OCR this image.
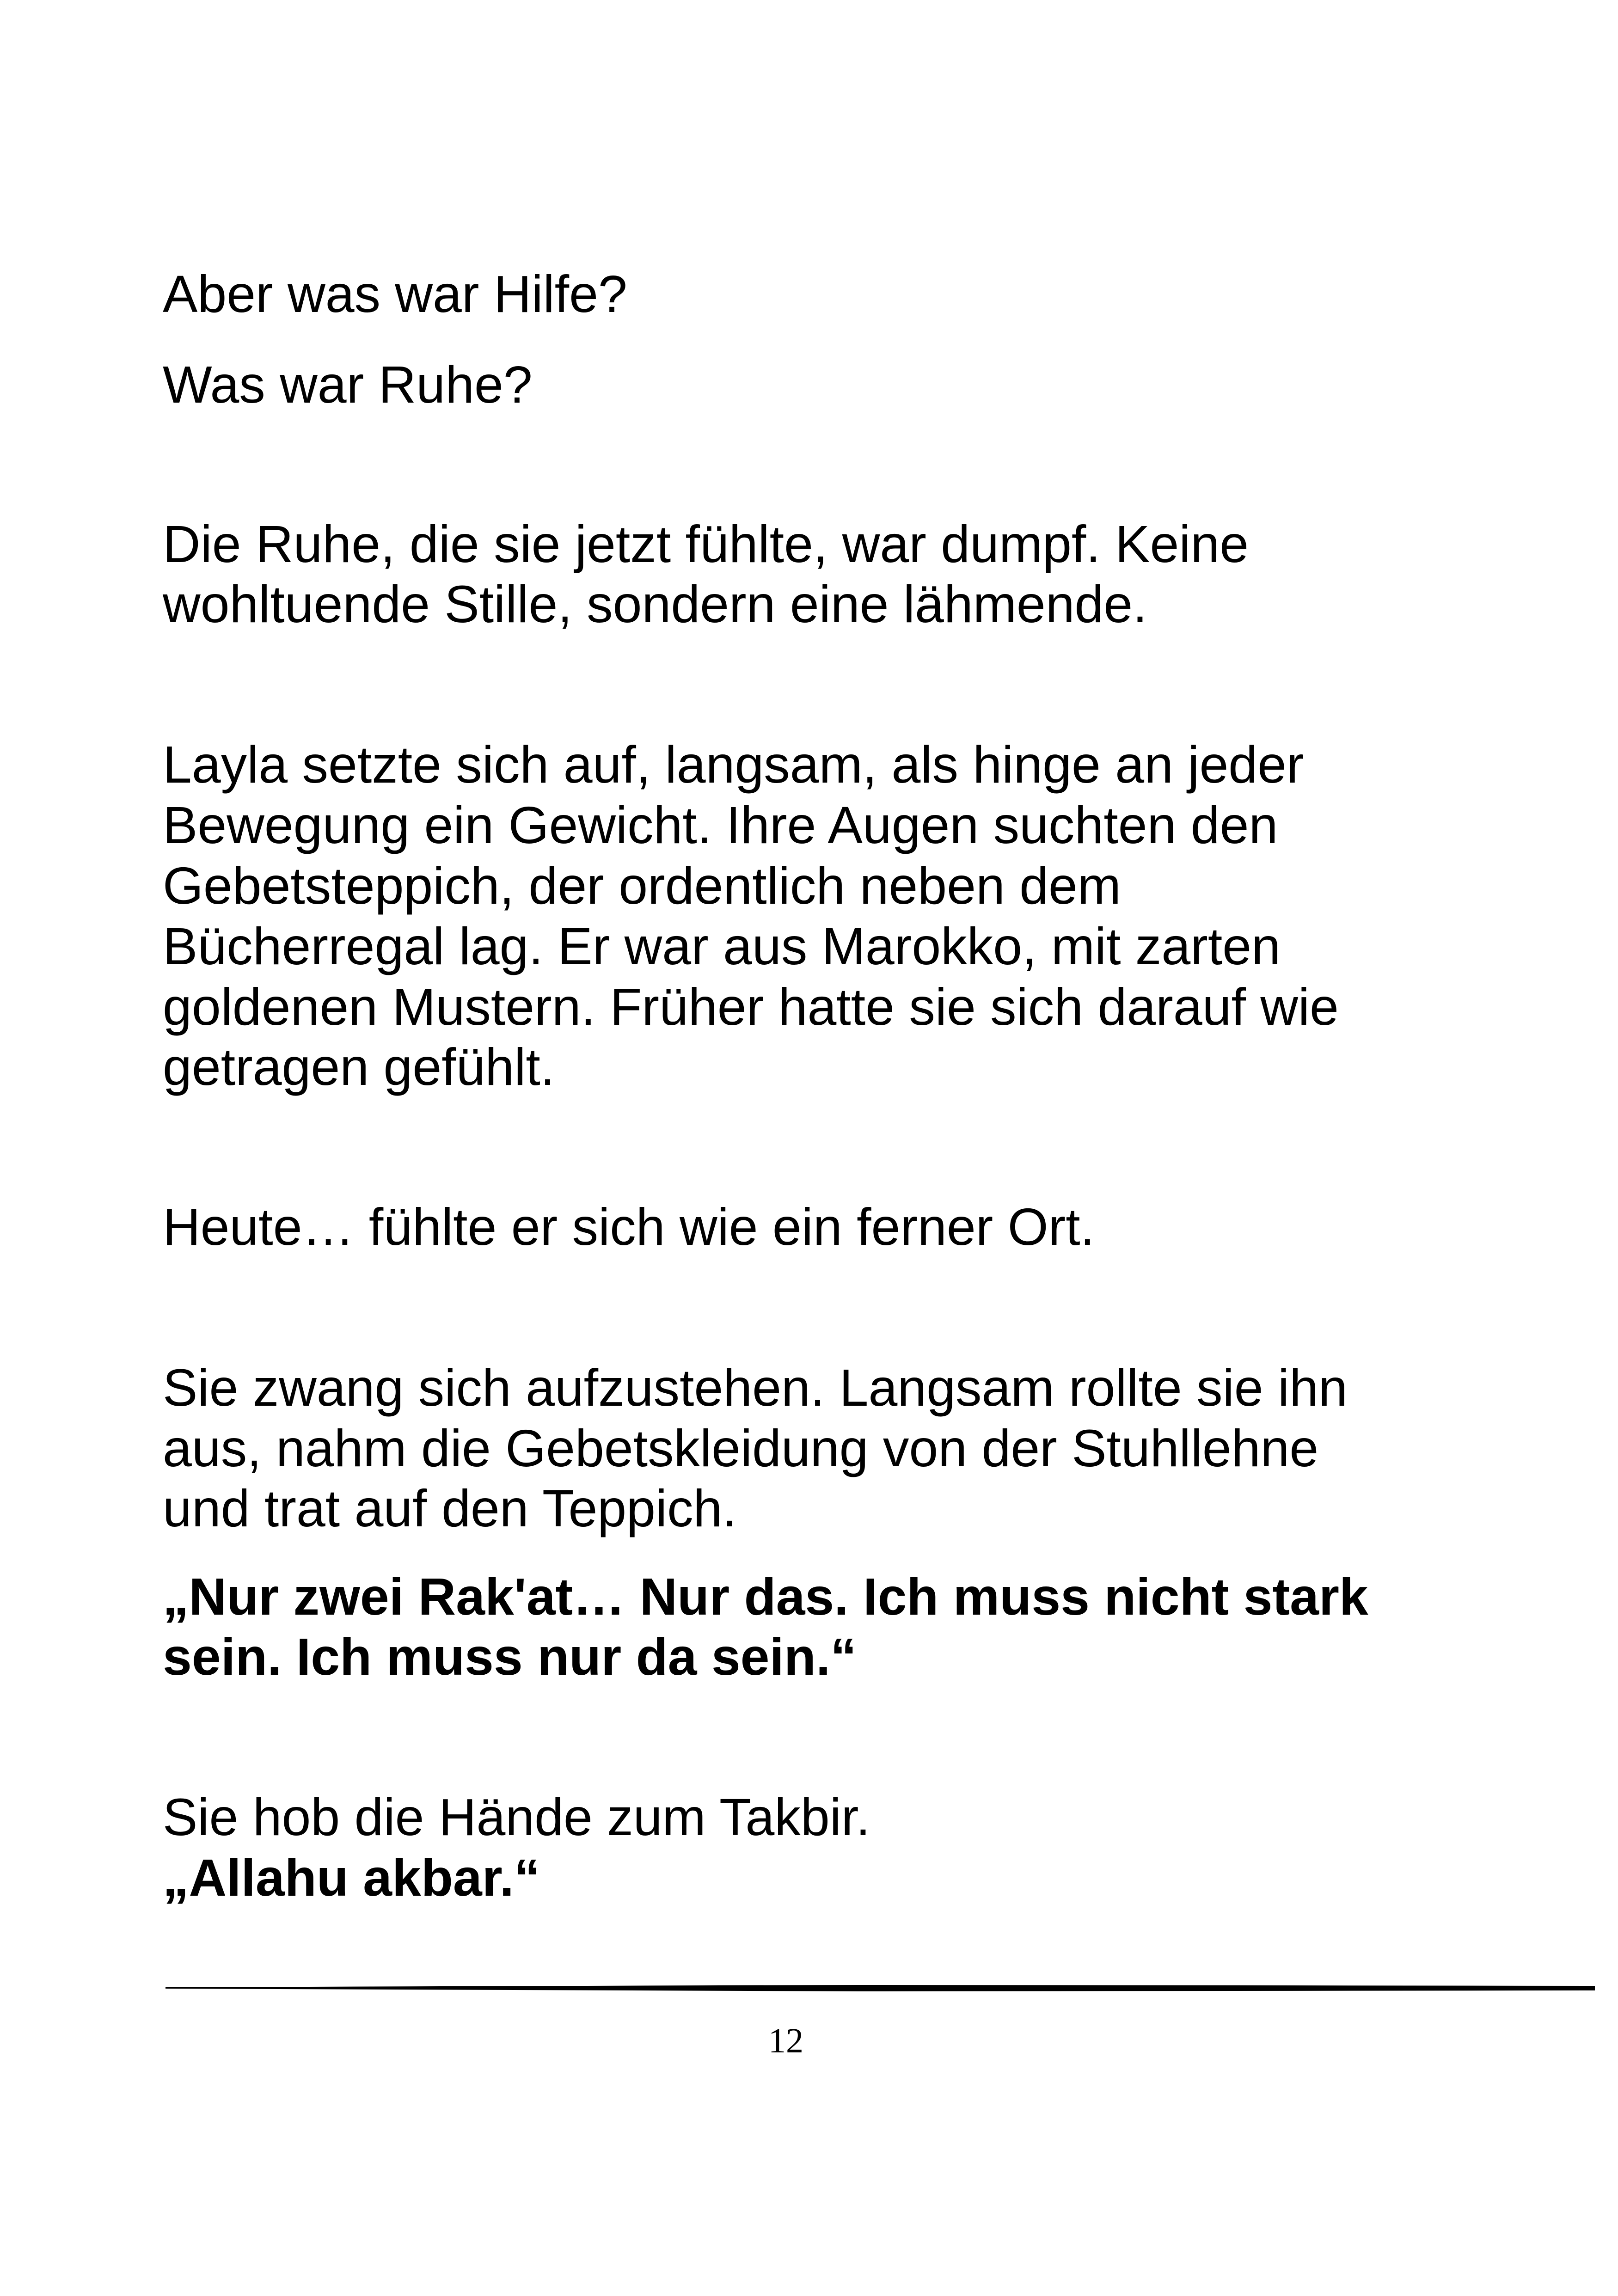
Aber was war Hilfe?

Was war Ruhe?

Die Ruhe, die sie jetzt fühlte, war dumpf. Keine

wohltuende Stille, sondern eine lähmende.

Layla setzte sich auf, langsam, als hinge an jeder

Bewegung ein Gewicht. Ihre Augen suchten den

Gebetsteppich, der ordentlich neben dem

Bücherregal lag. Er war aus Marokko, mit zarten

goldenen Mustern. Früher hatte sie sich darauf wie

getragen gefühlt.

Heute… fühlte er sich wie ein ferner Ort.

Sie zwang sich aufzustehen. Langsam rollte sie ihn

aus, nahm die Gebetskleidung von der Stuhllehne

und trat auf den Teppich.

„Nur zwei Rak'at… Nur das. Ich muss nicht stark

sein. Ich muss nur da sein.“

Sie hob die Hände zum Takbir.

„Allahu akbar.“

12
